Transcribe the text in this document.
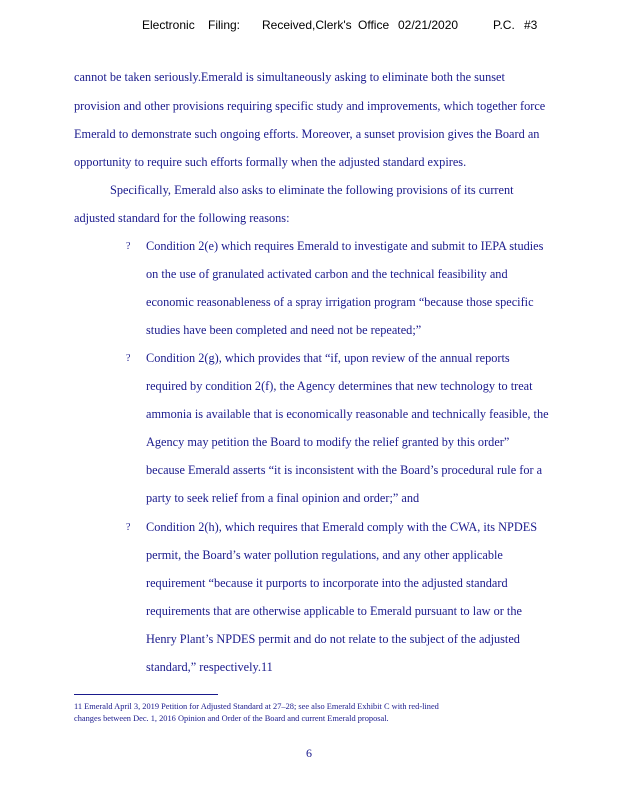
Electronic Filing: Received,Clerk's Office 02/21/2020	P.C. #3
cannot be taken seriously.Emerald is simultaneously asking to eliminate both the sunset
provision and other provisions requiring specific study and improvements, which together force
Emerald to demonstrate such ongoing efforts. Moreover, a sunset provision gives the Board an
opportunity to require such efforts formally when the adjusted standard expires.
Specifically, Emerald also asks to eliminate the following provisions of its current
adjusted standard for the following reasons:
? Condition 2(e) which requires Emerald to investigate and submit to IEPA studies
on the use of granulated activated carbon and the technical feasibility and
economic reasonableness of a spray irrigation program “because those specific
studies have been completed and need not be repeated;”
? Condition 2(g), which provides that “if, upon review of the annual reports
required by condition 2(f), the Agency determines that new technology to treat
ammonia is available that is economically reasonable and technically feasible, the
Agency may petition the Board to modify the relief granted by this order”
because Emerald asserts “it is inconsistent with the Board’s procedural rule for a
party to seek relief from a final opinion and order;” and
? Condition 2(h), which requires that Emerald comply with the CWA, its NPDES
permit, the Board’s water pollution regulations, and any other applicable
requirement “because it purports to incorporate into the adjusted standard
requirements that are otherwise applicable to Emerald pursuant to law or the
Henry Plant’s NPDES permit and do not relate to the subject of the adjusted
standard,” respectively.11
11 Emerald April 3, 2019 Petition for Adjusted Standard at 27–28; see also Emerald Exhibit C with red-lined
changes between Dec. 1, 2016 Opinion and Order of the Board and current Emerald proposal.
6
